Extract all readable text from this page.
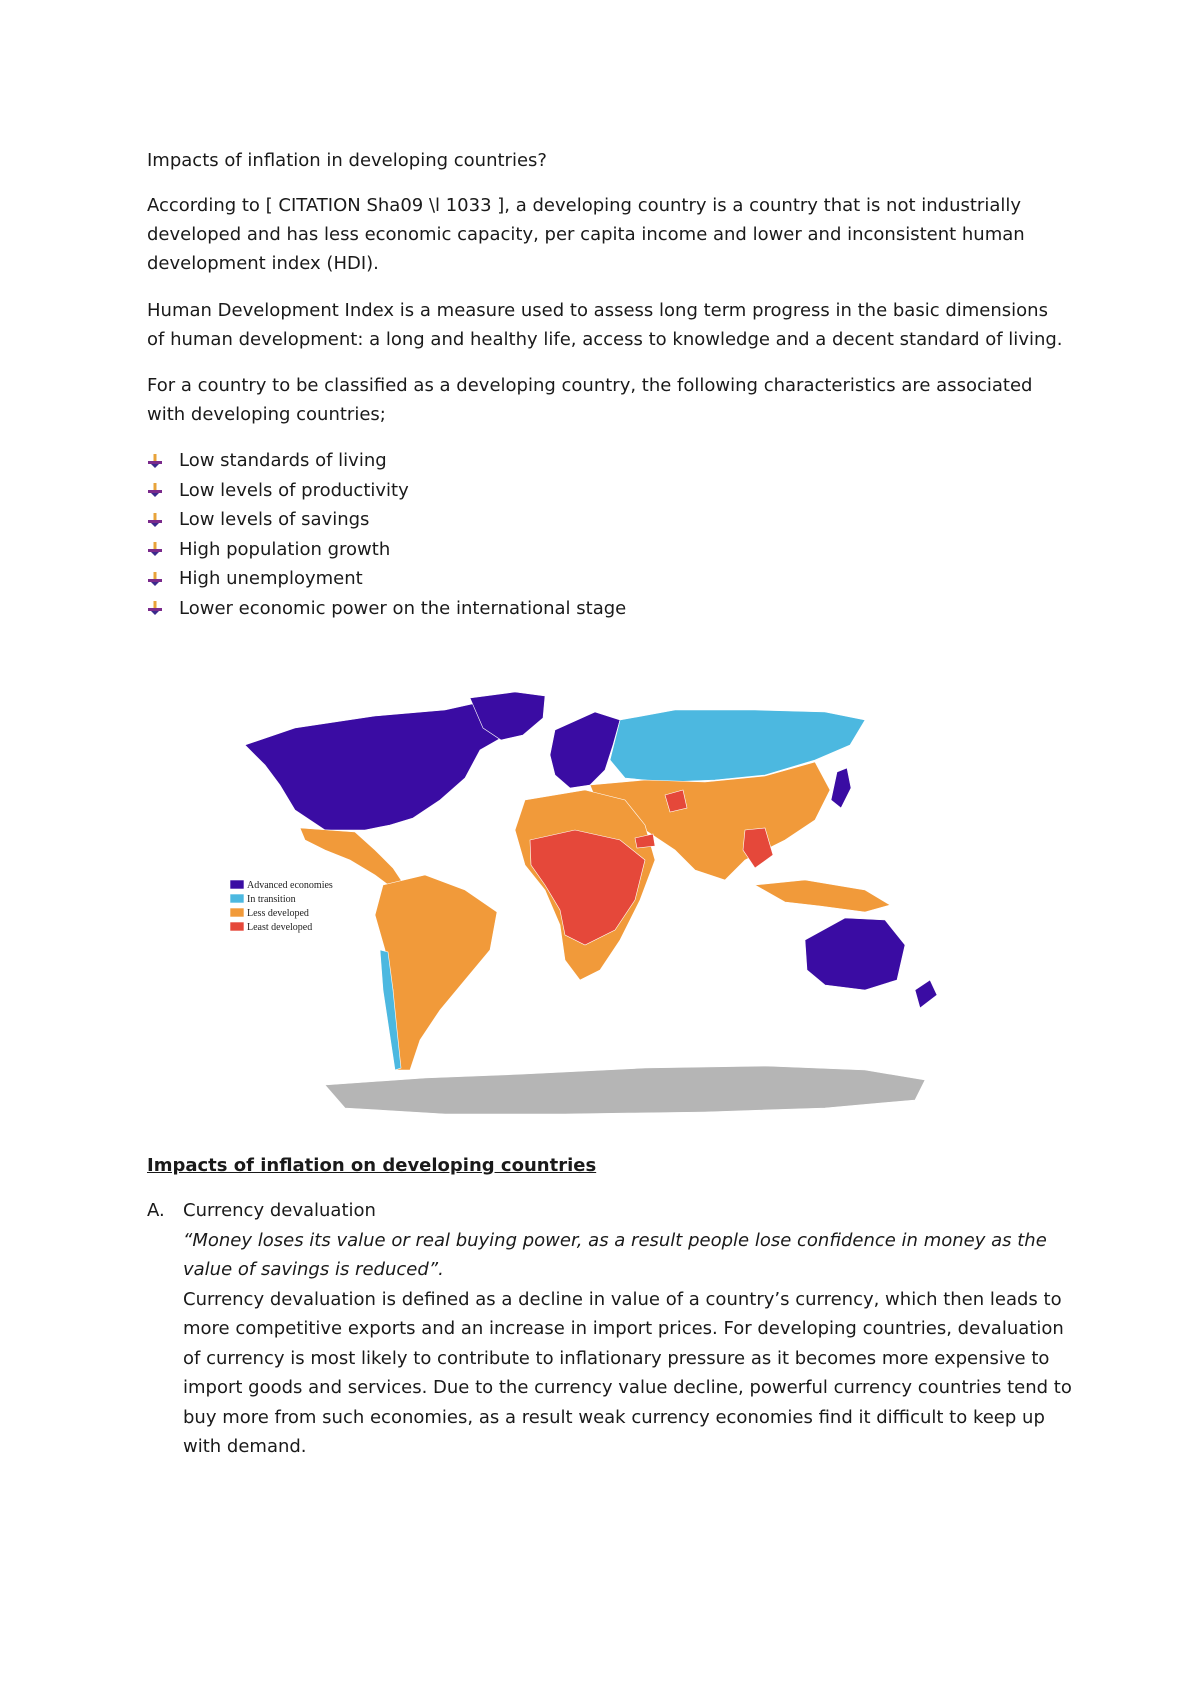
Impacts of inflation in developing countries?

According to [ CITATION Sha09 \l 1033 ], a developing country is a country that is not industrially developed and has less economic capacity, per capita income and lower and inconsistent human development index (HDI).

Human Development Index is a measure used to assess long term progress in the basic dimensions of human development: a long and healthy life, access to knowledge and a decent standard of living.

For a country to be classified as a developing country, the following characteristics are associated with developing countries;

Low standards of living
Low levels of productivity
Low levels of savings
High population growth
High unemployment
Lower economic power on the international stage
Advanced economies
In transition
Less developed
Least developed

Impacts of inflation on developing countries

A. Currency devaluation

“Money loses its value or real buying power, as a result people lose confidence in money as the value of savings is reduced”.

Currency devaluation is defined as a decline in value of a country’s currency, which then leads to more competitive exports and an increase in import prices. For developing countries, devaluation of currency is most likely to contribute to inflationary pressure as it becomes more expensive to import goods and services. Due to the currency value decline, powerful currency countries tend to buy more from such economies, as a result weak currency economies find it difficult to keep up with demand.
